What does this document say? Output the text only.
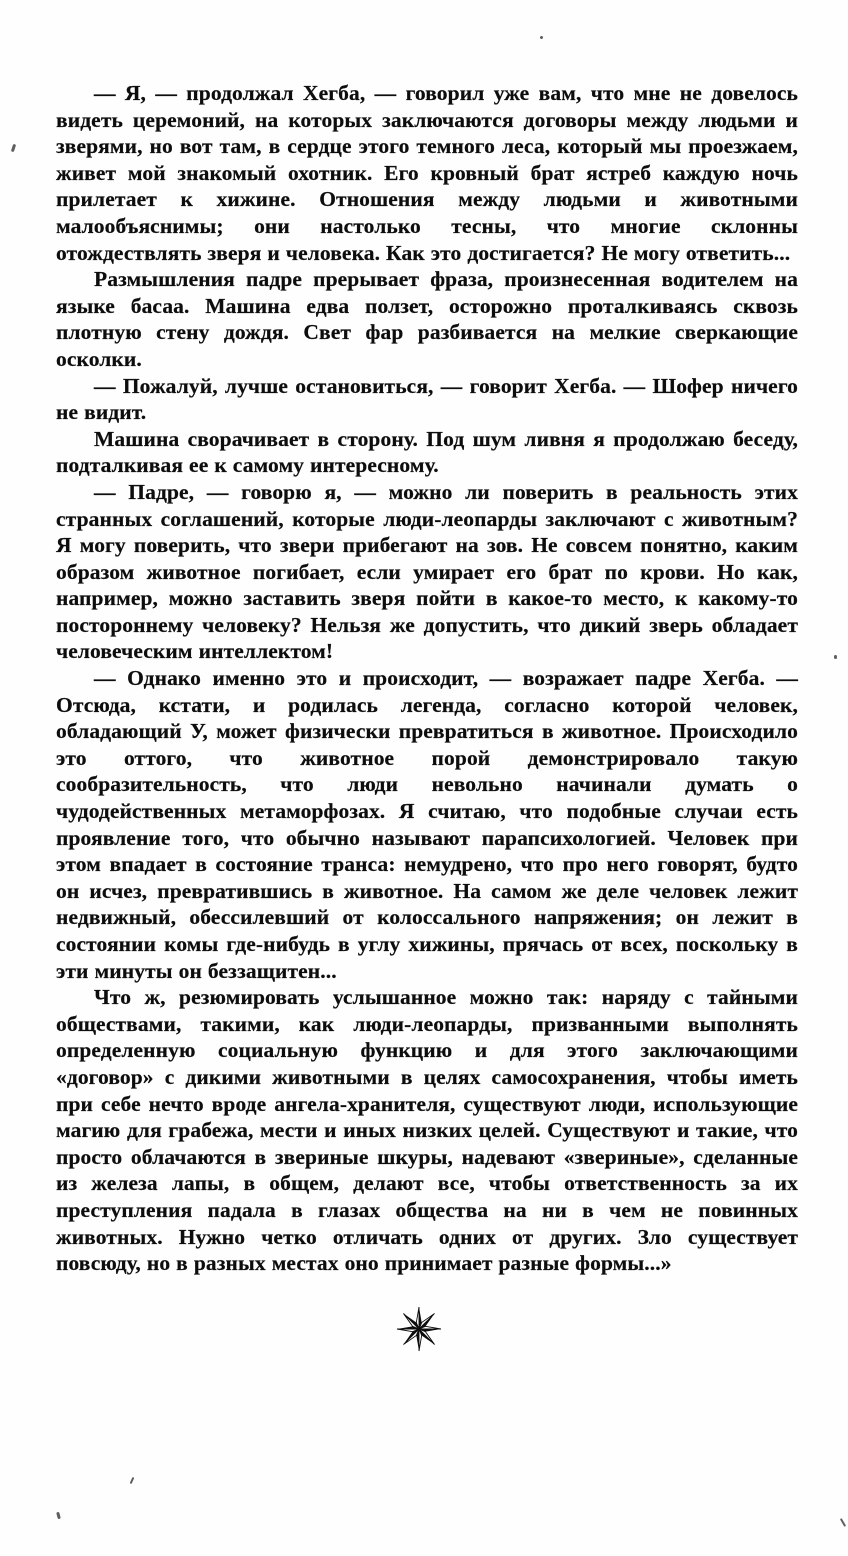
— Я, — продолжал Хегба, — говорил уже вам, что мне не довелось видеть церемоний, на которых заключаются договоры между людьми и зверями, но вот там, в сердце этого темного леса, который мы проезжаем, живет мой знакомый охотник. Его кровный брат ястреб каждую ночь прилетает к хижине. Отношения между людьми и животными малообъяснимы; они настолько тесны, что многие склонны отождествлять зверя и человека. Как это достигается? Не могу ответить...

Размышления падре прерывает фраза, произнесенная водителем на языке басаа. Машина едва ползет, осторожно проталкиваясь сквозь плотную стену дождя. Свет фар разбивается на мелкие сверкающие осколки.

— Пожалуй, лучше остановиться, — говорит Хегба. — Шофер ничего не видит.

Машина сворачивает в сторону. Под шум ливня я продолжаю беседу, подталкивая ее к самому интересному.

— Падре, — говорю я, — можно ли поверить в реальность этих странных соглашений, которые люди-леопарды заключают с животным? Я могу поверить, что звери прибегают на зов. Не совсем понятно, каким образом животное погибает, если умирает его брат по крови. Но как, например, можно заставить зверя пойти в какое-то место, к какому-то постороннему человеку? Нельзя же допустить, что дикий зверь обладает человеческим интеллектом!

— Однако именно это и происходит, — возражает падре Хегба. — Отсюда, кстати, и родилась легенда, согласно которой человек, обладающий У, может физически превратиться в животное. Происходило это оттого, что животное порой демонстрировало такую сообразительность, что люди невольно начинали думать о чудодейственных метаморфозах. Я считаю, что подобные случаи есть проявление того, что обычно называют парапсихологией. Человек при этом впадает в состояние транса: немудрено, что про него говорят, будто он исчез, превратившись в животное. На самом же деле человек лежит недвижный, обессилевший от колоссального напряжения; он лежит в состоянии комы где-нибудь в углу хижины, прячась от всех, поскольку в эти минуты он беззащитен...

Что ж, резюмировать услышанное можно так: наряду с тайными обществами, такими, как люди-леопарды, призванными выполнять определенную социальную функцию и для этого заключающими «договор» с дикими животными в целях самосохранения, чтобы иметь при себе нечто вроде ангела-хранителя, существуют люди, использующие магию для грабежа, мести и иных низких целей. Существуют и такие, что просто облачаются в звериные шкуры, надевают «звериные», сделанные из железа лапы, в общем, делают все, чтобы ответственность за их преступления падала в глазах общества на ни в чем не повинных животных. Нужно четко отличать одних от других. Зло существует повсюду, но в разных местах оно принимает разные формы...»
